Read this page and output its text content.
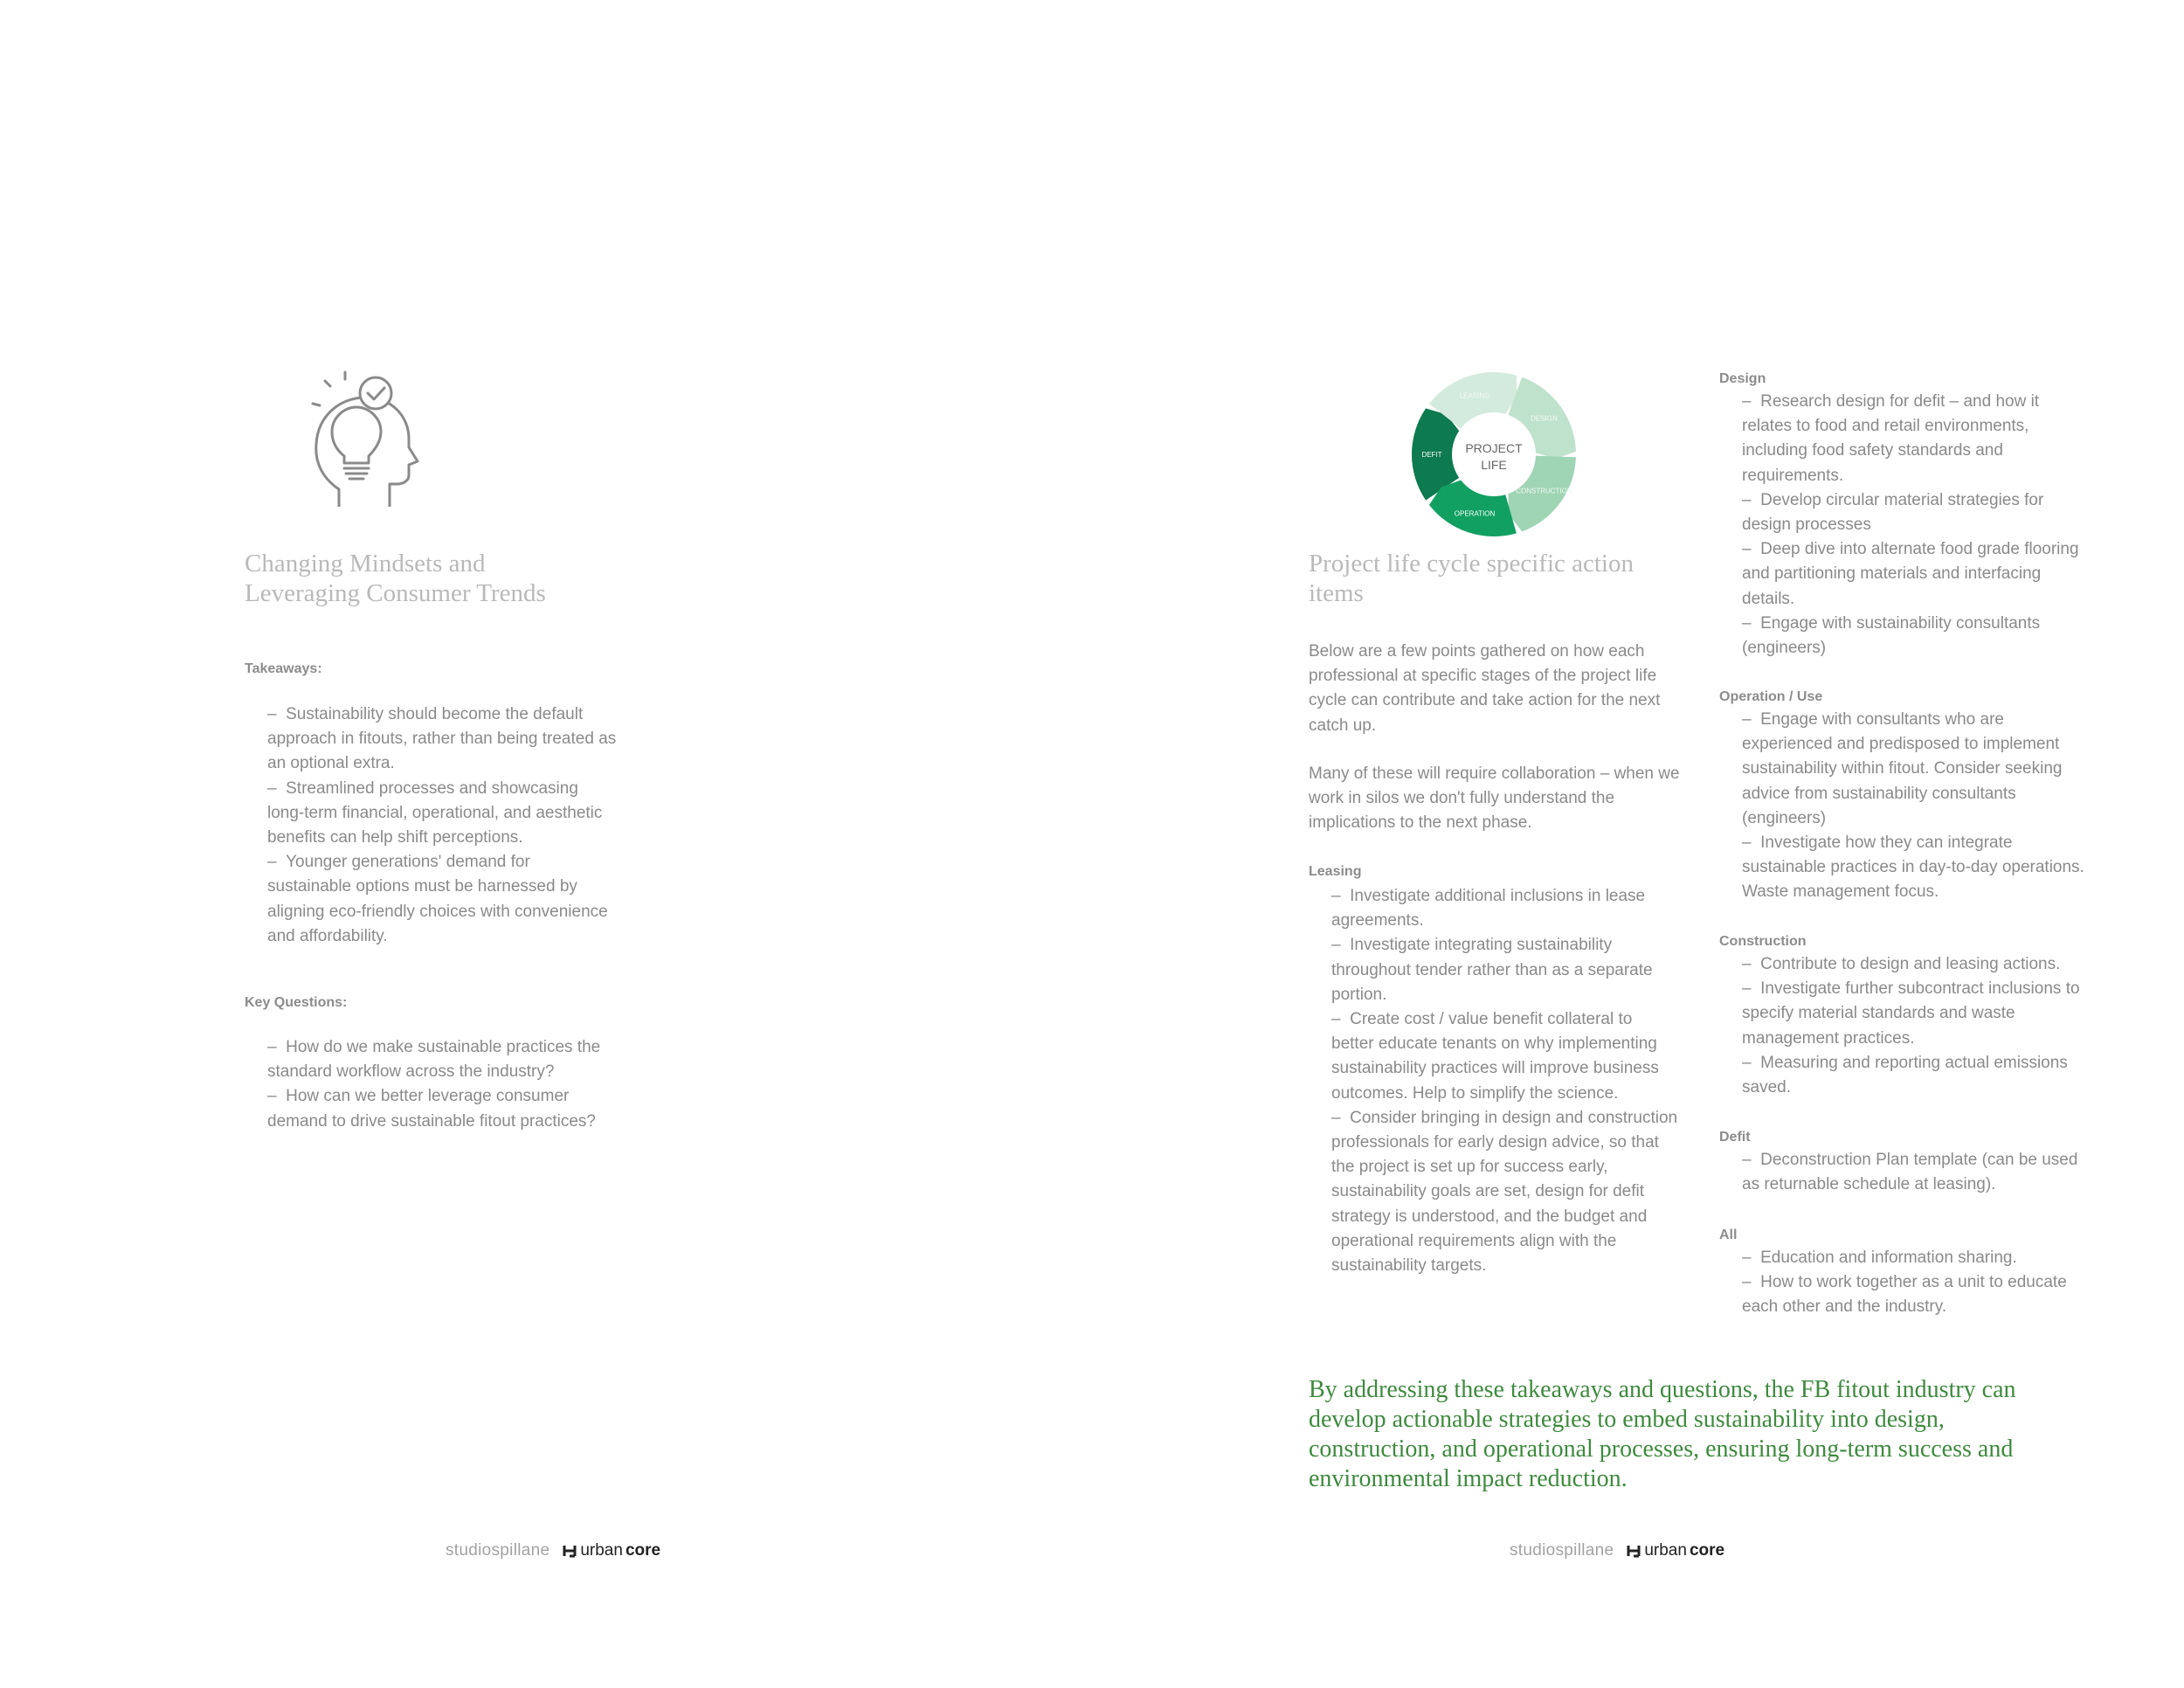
Changing Mindsets and
Leveraging Consumer Trends
Takeaways:
–  Sustainability should become the default approach in fitouts, rather than being treated as an optional extra.
–  Streamlined processes and showcasing long-term financial, operational, and aesthetic benefits can help shift perceptions.
–  Younger generations' demand for sustainable options must be harnessed by aligning eco-friendly choices with convenience and affordability.
Key Questions:
–  How do we make sustainable practices the standard workflow across the industry?
–  How can we better leverage consumer demand to drive sustainable fitout practices?
studiospillane urban core
DEFIT
LEASING
DESIGN
CONSTRUCTION
OPERATION
PROJECT
LIFE
Project life cycle specific action
items

Below are a few points gathered on how each professional at specific stages of the project life cycle can contribute and take action for the next catch up.

Many of these will require collaboration – when we work in silos we don't fully understand the implications to the next phase.

Leasing
–  Investigate additional inclusions in lease agreements.
–  Investigate integrating sustainability throughout tender rather than as a separate portion.
–  Create cost / value benefit collateral to better educate tenants on why implementing sustainability practices will improve business outcomes. Help to simplify the science.
–  Consider bringing in design and construction professionals for early design advice, so that the project is set up for success early, sustainability goals are set, design for defit strategy is understood, and the budget and operational requirements align with the sustainability targets.
Design
–  Research design for defit – and how it relates to food and retail environments, including food safety standards and requirements.
–  Develop circular material strategies for design processes
–  Deep dive into alternate food grade flooring and partitioning materials and interfacing details.
–  Engage with sustainability consultants (engineers)
Operation / Use
–  Engage with consultants who are experienced and predisposed to implement sustainability within fitout. Consider seeking advice from sustainability consultants (engineers)
–  Investigate how they can integrate sustainable practices in day-to-day operations. Waste management focus.
Construction
–  Contribute to design and leasing actions.
–  Investigate further subcontract inclusions to specify material standards and waste management practices.
–  Measuring and reporting actual emissions saved.
Defit
–  Deconstruction Plan template (can be used as returnable schedule at leasing).
All
–  Education and information sharing.
–  How to work together as a unit to educate each other and the industry.

By addressing these takeaways and questions, the FB fitout industry can develop actionable strategies to embed sustainability into design, construction, and operational processes, ensuring long-term success and environmental impact reduction.

studiospillane urban core
